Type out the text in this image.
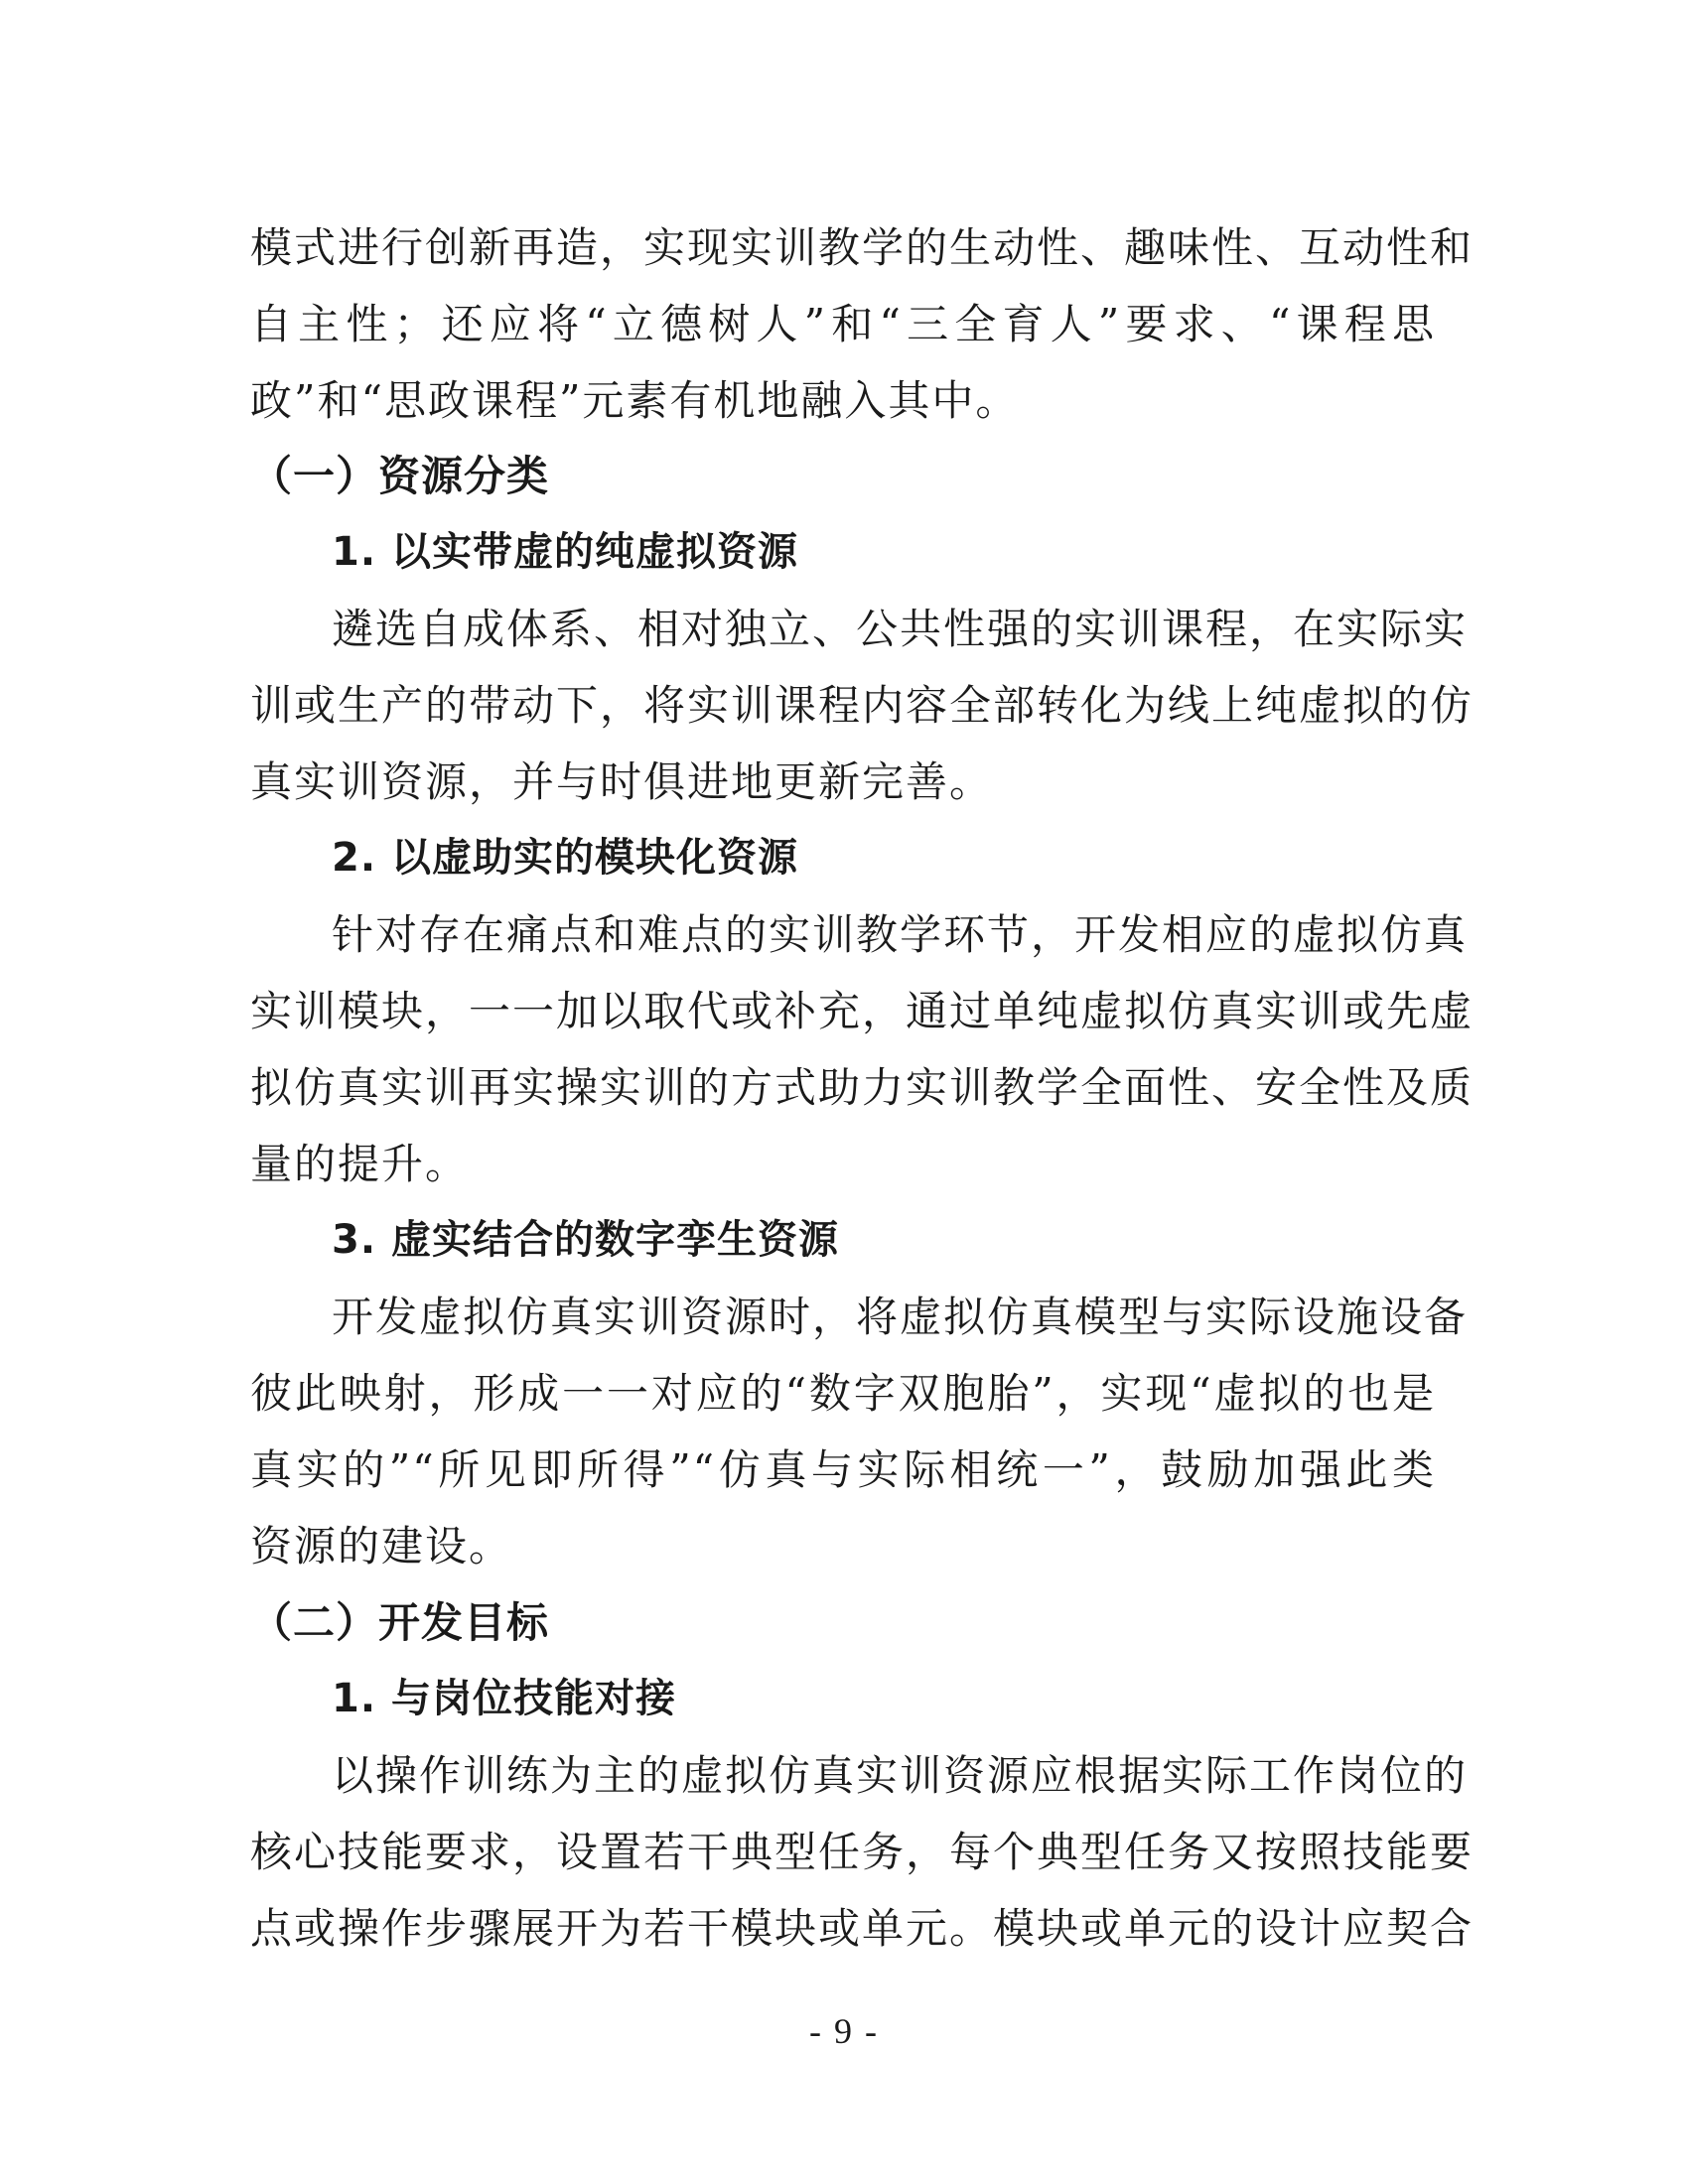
模式进行创新再造，实现实训教学的生动性、趣味性、互动性和
自主性；还应将“立德树人”和“三全育人”要求、“课程思
政”和“思政课程”元素有机地融入其中。
（一）资源分类
1. 以实带虚的纯虚拟资源
遴选自成体系、相对独立、公共性强的实训课程，在实际实
训或生产的带动下，将实训课程内容全部转化为线上纯虚拟的仿
真实训资源，并与时俱进地更新完善。
2. 以虚助实的模块化资源
针对存在痛点和难点的实训教学环节，开发相应的虚拟仿真
实训模块，一一加以取代或补充，通过单纯虚拟仿真实训或先虚
拟仿真实训再实操实训的方式助力实训教学全面性、安全性及质
量的提升。
3. 虚实结合的数字孪生资源
开发虚拟仿真实训资源时，将虚拟仿真模型与实际设施设备
彼此映射，形成一一对应的“数字双胞胎”，实现“虚拟的也是
真实的”“所见即所得”“仿真与实际相统一”，鼓励加强此类
资源的建设。
（二）开发目标
1. 与岗位技能对接
以操作训练为主的虚拟仿真实训资源应根据实际工作岗位的
核心技能要求，设置若干典型任务，每个典型任务又按照技能要
点或操作步骤展开为若干模块或单元。模块或单元的设计应契合
- 9 -
